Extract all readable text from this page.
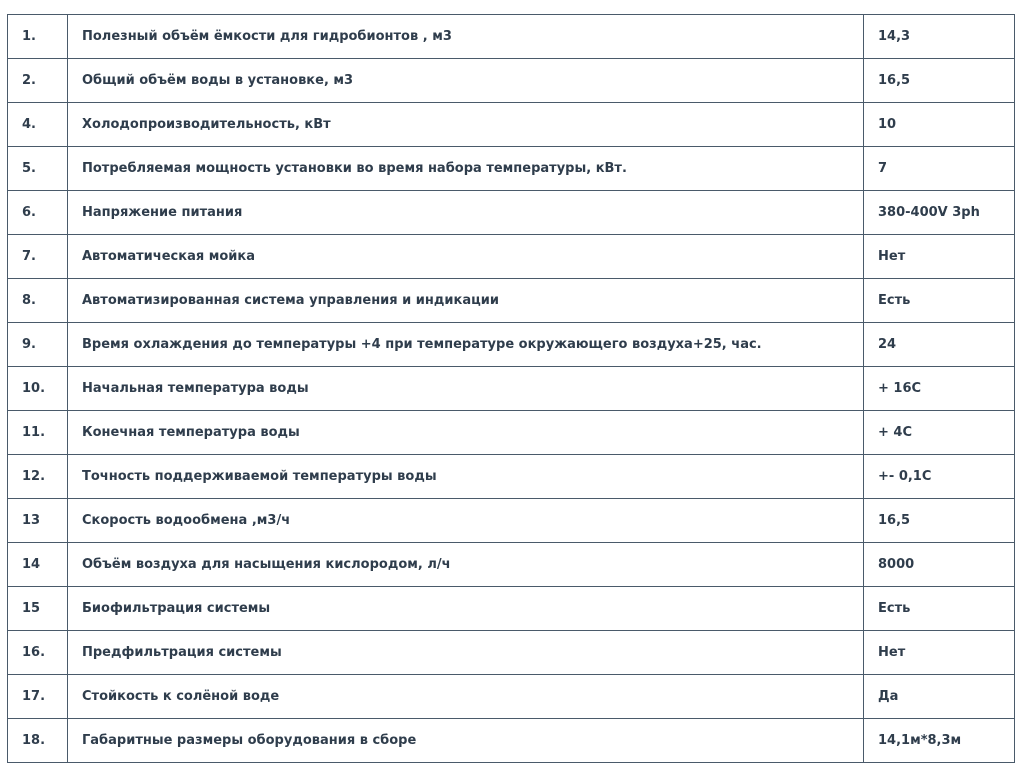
1.	Полезный объём ёмкости для гидробионтов , м3	14,3
2.	Общий объём воды в установке, м3	16,5
4.	Холодопроизводительность, кВт	10
5.	Потребляемая мощность установки во время набора температуры, кВт.	7
6.	Напряжение питания	380-400V 3ph
7.	Автоматическая мойка	Нет
8.	Автоматизированная система управления и индикации	Есть
9.	Время охлаждения до температуры +4 при температуре окружающего воздуха+25, час.	24
10.	Начальная температура воды	+ 16С
11.	Конечная температура воды	+ 4С
12.	Точность поддерживаемой температуры воды	+- 0,1С
13	Скорость водообмена ,м3/ч	16,5
14	Объём воздуха для насыщения кислородом, л/ч	8000
15	Биофильтрация системы	Есть
16.	Предфильтрация системы	Нет
17.	Стойкость к солёной воде	Да
18.	Габаритные размеры оборудования в сборе	14,1м*8,3м
